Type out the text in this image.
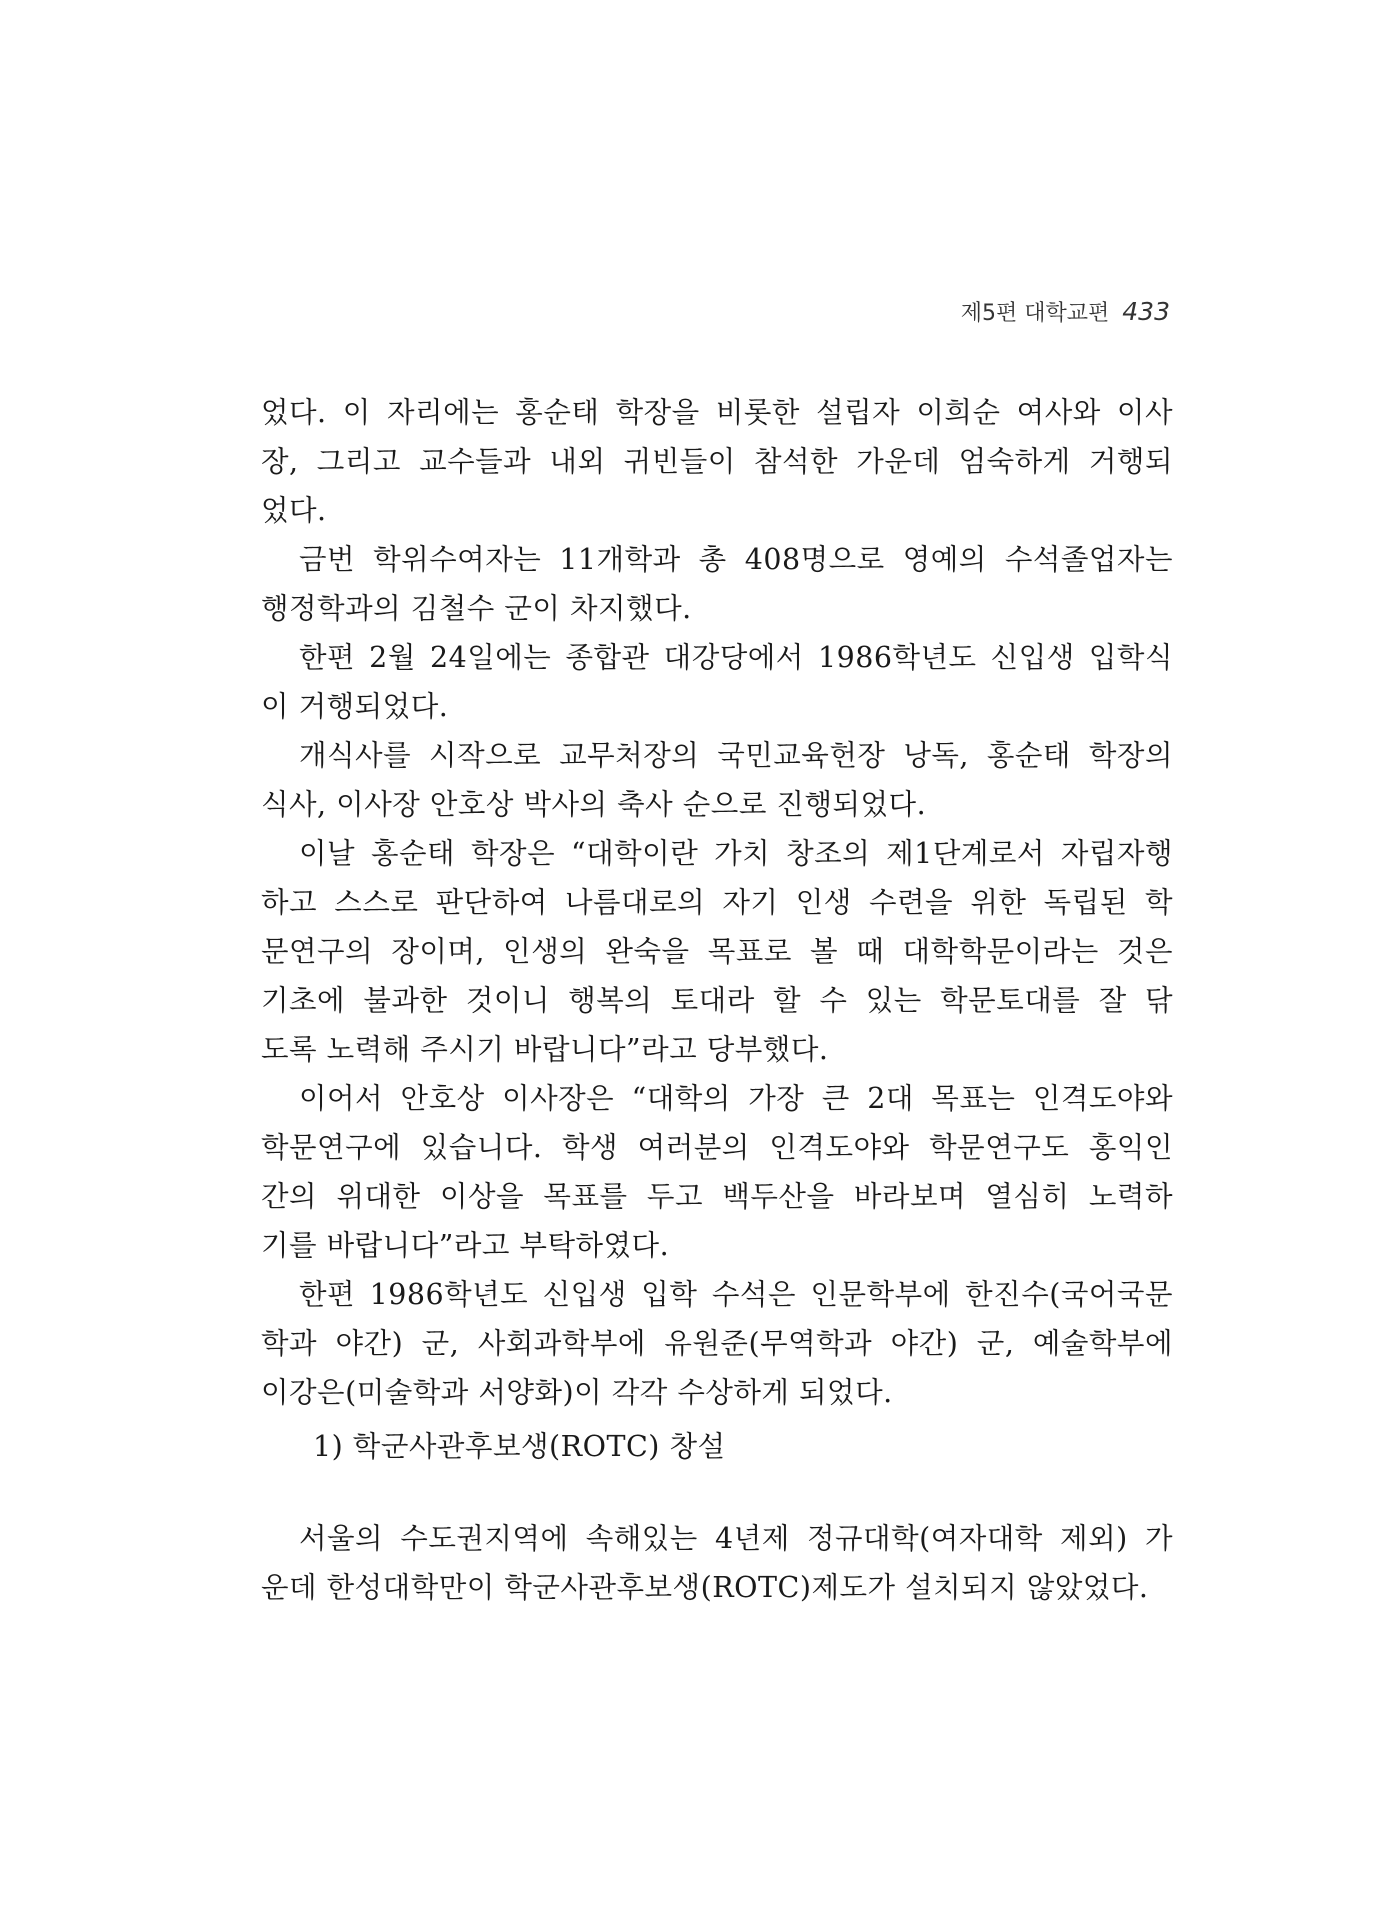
제5편 대학교편 433
었다. 이 자리에는 홍순태 학장을 비롯한 설립자 이희순 여사와 이사
장, 그리고 교수들과 내외 귀빈들이 참석한 가운데 엄숙하게 거행되
었다.
금번 학위수여자는 11개학과 총 408명으로 영예의 수석졸업자는
행정학과의 김철수 군이 차지했다.
한편 2월 24일에는 종합관 대강당에서 1986학년도 신입생 입학식
이 거행되었다.
개식사를 시작으로 교무처장의 국민교육헌장 낭독, 홍순태 학장의
식사, 이사장 안호상 박사의 축사 순으로 진행되었다.
이날 홍순태 학장은 “대학이란 가치 창조의 제1단계로서 자립자행
하고 스스로 판단하여 나름대로의 자기 인생 수련을 위한 독립된 학
문연구의 장이며, 인생의 완숙을 목표로 볼 때 대학학문이라는 것은
기초에 불과한 것이니 행복의 토대라 할 수 있는 학문토대를 잘 닦
도록 노력해 주시기 바랍니다”라고 당부했다.
이어서 안호상 이사장은 “대학의 가장 큰 2대 목표는 인격도야와
학문연구에 있습니다. 학생 여러분의 인격도야와 학문연구도 홍익인
간의 위대한 이상을 목표를 두고 백두산을 바라보며 열심히 노력하
기를 바랍니다”라고 부탁하였다.
한편 1986학년도 신입생 입학 수석은 인문학부에 한진수(국어국문
학과 야간) 군, 사회과학부에 유원준(무역학과 야간) 군, 예술학부에
이강은(미술학과 서양화)이 각각 수상하게 되었다.
1) 학군사관후보생(ROTC) 창설
서울의 수도권지역에 속해있는 4년제 정규대학(여자대학 제외) 가
운데 한성대학만이 학군사관후보생(ROTC)제도가 설치되지 않았었다.
